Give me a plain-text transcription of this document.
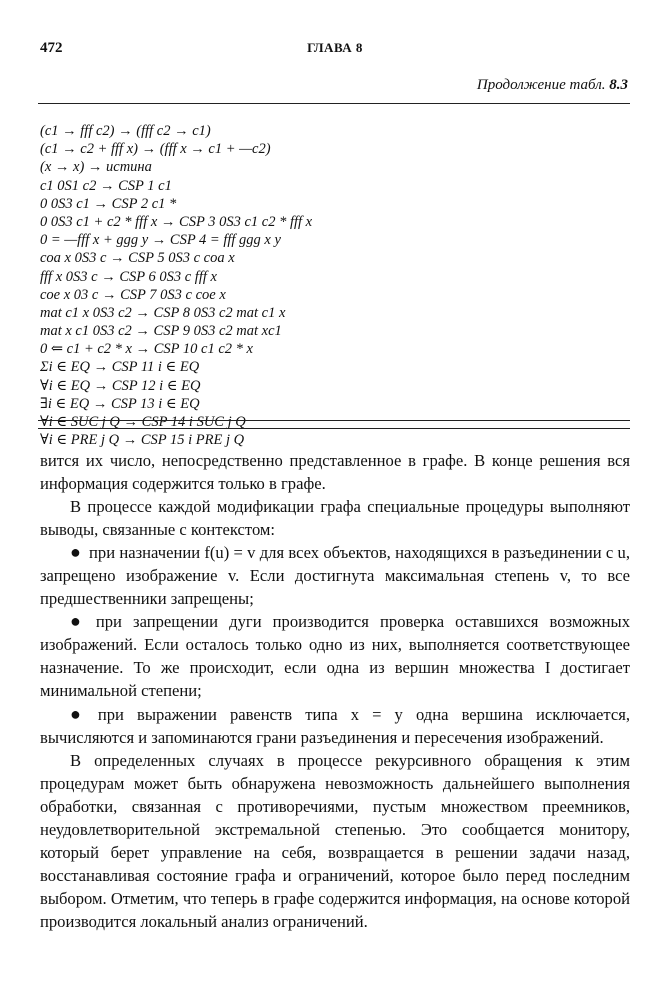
472	ГЛАВА 8
Продолжение табл. 8.3
(c1 → fff c2) → (fff c2 → c1)
(c1 → c2 + fff x) → (fff x → c1 + —c2)
(x → x) → истина
c1 0S1 c2 → CSP 1 c1
0 0S3 c1 → CSP 2 c1 *
0 0S3 c1 + c2 * fff x → CSP 3 0S3 c1 c2 * fff x
0 = —fff x + ggg y → CSP 4 = fff ggg x y
coa x 0S3 c → CSP 5 0S3 c coa x
fff x 0S3 c → CSP 6 0S3 c fff x
coe x 03 c → CSP 7 0S3 c coe x
mat c1 x 0S3 c2 → CSP 8 0S3 c2 mat c1 x
mat x c1 0S3 c2 → CSP 9 0S3 c2 mat xc1
0 ⇐ c1 + c2 * x → CSP 10 c1 c2 * x
Σi ∈ EQ → CSP 11 i ∈ EQ
∀i ∈ EQ → CSP 12 i ∈ EQ
∃i ∈ EQ → CSP 13 i ∈ EQ
∀i ∈ SUC j Q → CSP 14 i SUC j Q
∀i ∈ PRE j Q → CSP 15 i PRE j Q

вится их число, непосредственно представленное в графе. В конце решения вся информация содержится только в графе.

В процессе каждой модификации графа специальные процедуры выполняют выводы, связанные с контекстом:

● при назначении f(u) = v для всех объектов, находящихся в разъединении с u, запрещено изображение v. Если достигнута максимальная степень v, то все предшественники запрещены;

● при запрещении дуги производится проверка оставшихся возможных изображений. Если осталось только одно из них, выполняется соответствующее назначение. То же происходит, если одна из вершин множества I достигает минимальной степени;

● при выражении равенств типа x = y одна вершина исключается, вычисляются и запоминаются грани разъединения и пересечения изображений.

В определенных случаях в процессе рекурсивного обращения к этим процедурам может быть обнаружена невозможность дальнейшего выполнения обработки, связанная с противоречиями, пустым множеством преемников, неудовлетворительной экстремальной степенью. Это сообщается монитору, который берет управление на себя, возвращается в решении задачи назад, восстанавливая состояние графа и ограничений, которое было перед последним выбором. Отметим, что теперь в графе содержится информация, на основе которой производится локальный анализ ограничений.
